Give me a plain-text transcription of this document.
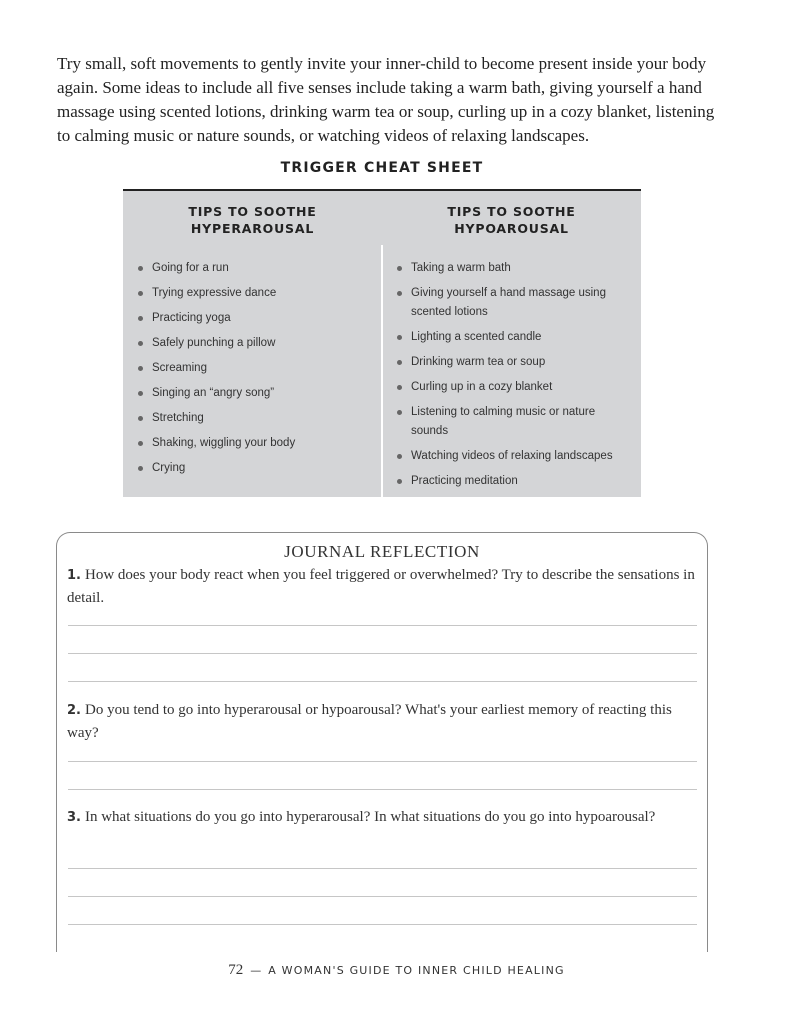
Try small, soft movements to gently invite your inner-child to become present inside your body again. Some ideas to include all five senses include taking a warm bath, giving yourself a hand massage using scented lotions, drinking warm tea or soup, curling up in a cozy blanket, listening to calming music or nature sounds, or watching videos of relaxing landscapes.

TRIGGER CHEAT SHEET
TIPS TO SOOTHE
HYPERAROUSAL
Going for a run
Trying expressive dance
Practicing yoga
Safely punching a pillow
Screaming
Singing an “angry song”
Stretching
Shaking, wiggling your body
Crying
TIPS TO SOOTHE
HYPOAROUSAL
Taking a warm bath
Giving yourself a hand massage using scented lotions
Lighting a scented candle
Drinking warm tea or soup
Curling up in a cozy blanket
Listening to calming music or nature sounds
Watching videos of relaxing landscapes
Practicing meditation
JOURNAL REFLECTION

1. How does your body react when you feel triggered or overwhelmed? Try to describe the sensations in detail.

2. Do you tend to go into hyperarousal or hypoarousal? What's your earliest memory of reacting this way?

3. In what situations do you go into hyperarousal? In what situations do you go into hypoarousal?

72 — A WOMAN'S GUIDE TO INNER CHILD HEALING
